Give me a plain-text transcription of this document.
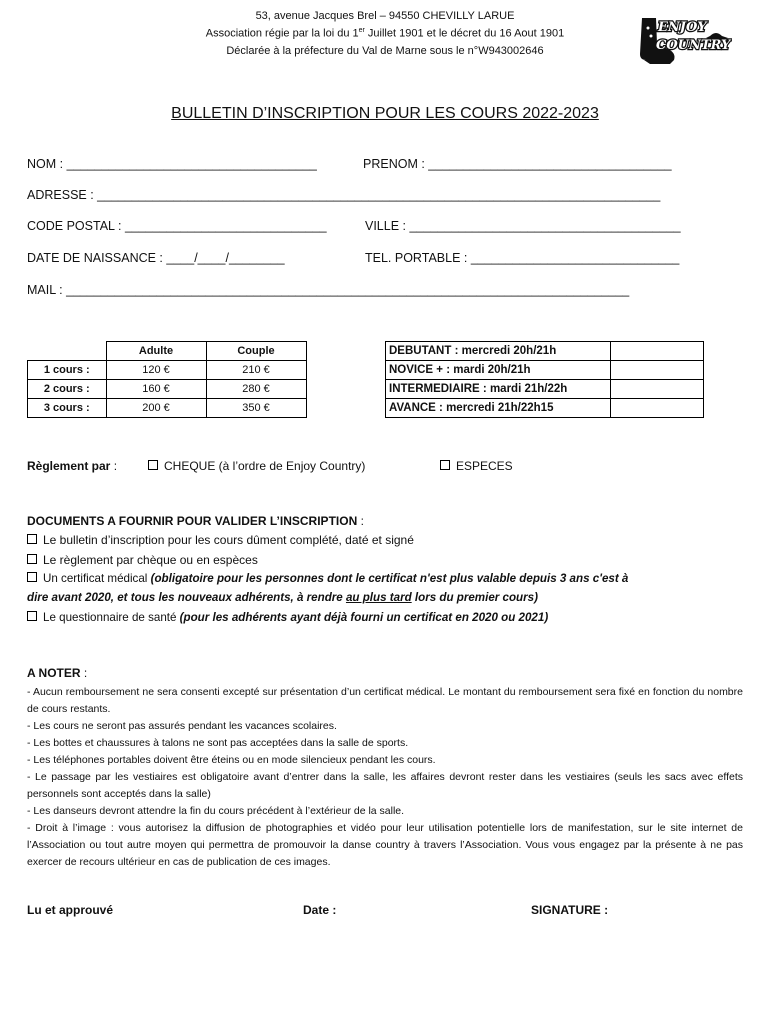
53, avenue Jacques Brel – 94550 CHEVILLY LARUE
Association régie par la loi du 1er Juillet 1901 et le décret du 16 Aout 1901
Déclarée à la préfecture du Val de Marne sous le n°W943002646
ENJOY
COUNTRY
BULLETIN D’INSCRIPTION POUR LES COURS 2022-2023
NOM : ____________________________________	PRENOM : ___________________________________
ADRESSE : _________________________________________________________________________________
CODE POSTAL : _____________________________	VILLE : _______________________________________
DATE DE NAISSANCE : ____/____/________	TEL. PORTABLE : ______________________________
MAIL : _________________________________________________________________________________
	Adulte	Couple
1 cours :	120 €	210 €
2 cours :	160 €	280 €
3 cours :	200 €	350 €
DEBUTANT : mercredi 20h/21h	
NOVICE + : mardi 20h/21h	
INTERMEDIAIRE : mardi 21h/22h	
AVANCE : mercredi 21h/22h15	
Règlement par :	CHEQUE (à l’ordre de Enjoy Country)	ESPECES
DOCUMENTS A FOURNIR POUR VALIDER L’INSCRIPTION :
Le bulletin d’inscription pour les cours dûment complété, daté et signé
Le règlement par chèque ou en espèces
Un certificat médical (obligatoire pour les personnes dont le certificat n'est plus valable depuis 3 ans c'est à
dire avant 2020, et tous les nouveaux adhérents, à rendre au plus tard lors du premier cours)
Le questionnaire de santé (pour les adhérents ayant déjà fourni un certificat en 2020 ou 2021)
A NOTER :
- Aucun remboursement ne sera consenti excepté sur présentation d’un certificat médical. Le montant du remboursement sera fixé en fonction du nombre de cours restants.
- Les cours ne seront pas assurés pendant les vacances scolaires.
- Les bottes et chaussures à talons ne sont pas acceptées dans la salle de sports.
- Les téléphones portables doivent être éteins ou en mode silencieux pendant les cours.
- Le passage par les vestiaires est obligatoire avant d’entrer dans la salle, les affaires devront rester dans les vestiaires (seuls les sacs avec effets personnels sont acceptés dans la salle)
- Les danseurs devront attendre la fin du cours précédent à l’extérieur de la salle.
- Droit à l’image : vous autorisez la diffusion de photographies et vidéo pour leur utilisation potentielle lors de manifestation, sur le site internet de l’Association ou tout autre moyen qui permettra de promouvoir la danse country à travers l’Association. Vous vous engagez par la présente à ne pas exercer de recours ultérieur en cas de publication de ces images.
Lu et approuvé	Date :	SIGNATURE :
